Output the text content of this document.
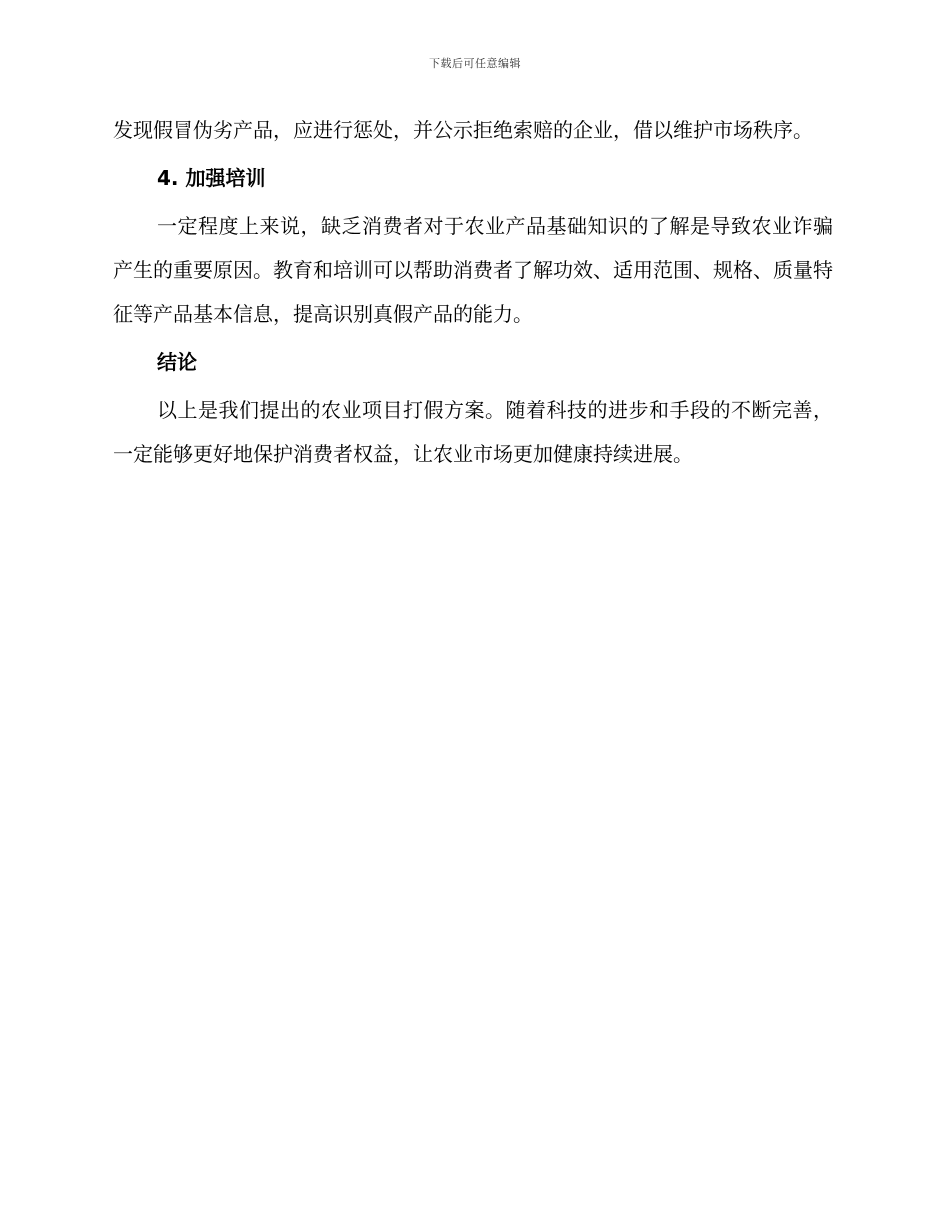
下载后可任意编辑

发现假冒伪劣产品，应进行惩处，并公示拒绝索赔的企业，借以维护市场秩序。

4. 加强培训

一定程度上来说，缺乏消费者对于农业产品基础知识的了解是导致农业诈骗产生的重要原因。教育和培训可以帮助消费者了解功效、适用范围、规格、质量特征等产品基本信息，提高识别真假产品的能力。

结论

以上是我们提出的农业项目打假方案。随着科技的进步和手段的不断完善，一定能够更好地保护消费者权益，让农业市场更加健康持续进展。
